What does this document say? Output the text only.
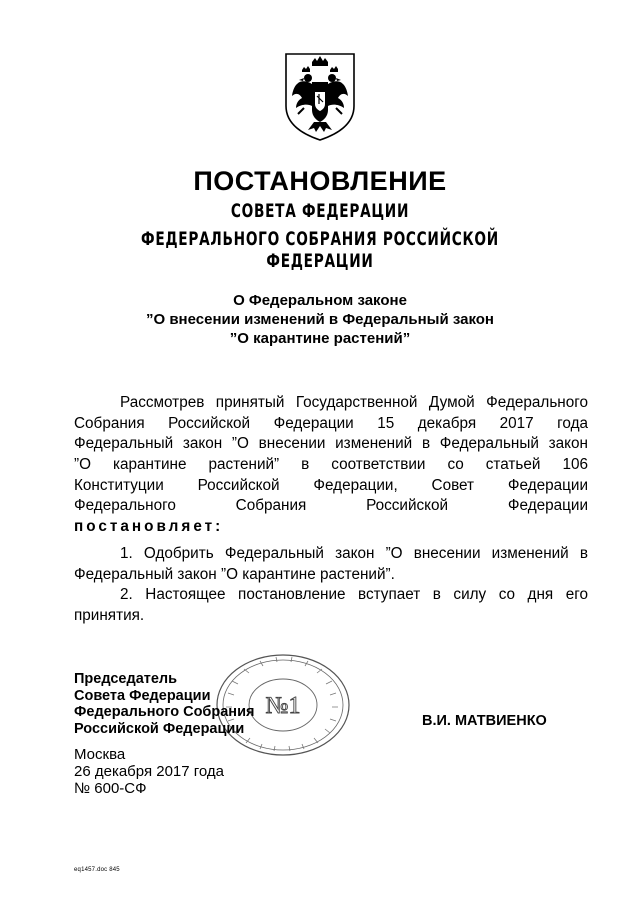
ПОСТАНОВЛЕНИЕ
СОВЕТА ФЕДЕРАЦИИ
ФЕДЕРАЛЬНОГО СОБРАНИЯ РОССИЙСКОЙ ФЕДЕРАЦИИ
О Федеральном законе
”О внесении изменений в Федеральный закон
”О карантине растений”
Рассмотрев принятый Государственной Думой Федерального
Собрания Российской Федерации 15 декабря 2017 года
Федеральный закон ”О внесении изменений в Федеральный закон
”О карантине растений” в соответствии со статьей 106
Конституции Российской Федерации, Совет Федерации
Федерального Собрания Российской Федерации
постановляет:
1. Одобрить Федеральный закон ”О внесении изменений в
Федеральный закон ”О карантине растений”.
2. Настоящее постановление вступает в силу со дня его
принятия.
№1
Председатель
Совета Федерации
Федерального Собрания
Российской Федерации	В.И. МАТВИЕНКО
Москва
26 декабря 2017 года
№ 600-СФ
eq1457.doc 845
